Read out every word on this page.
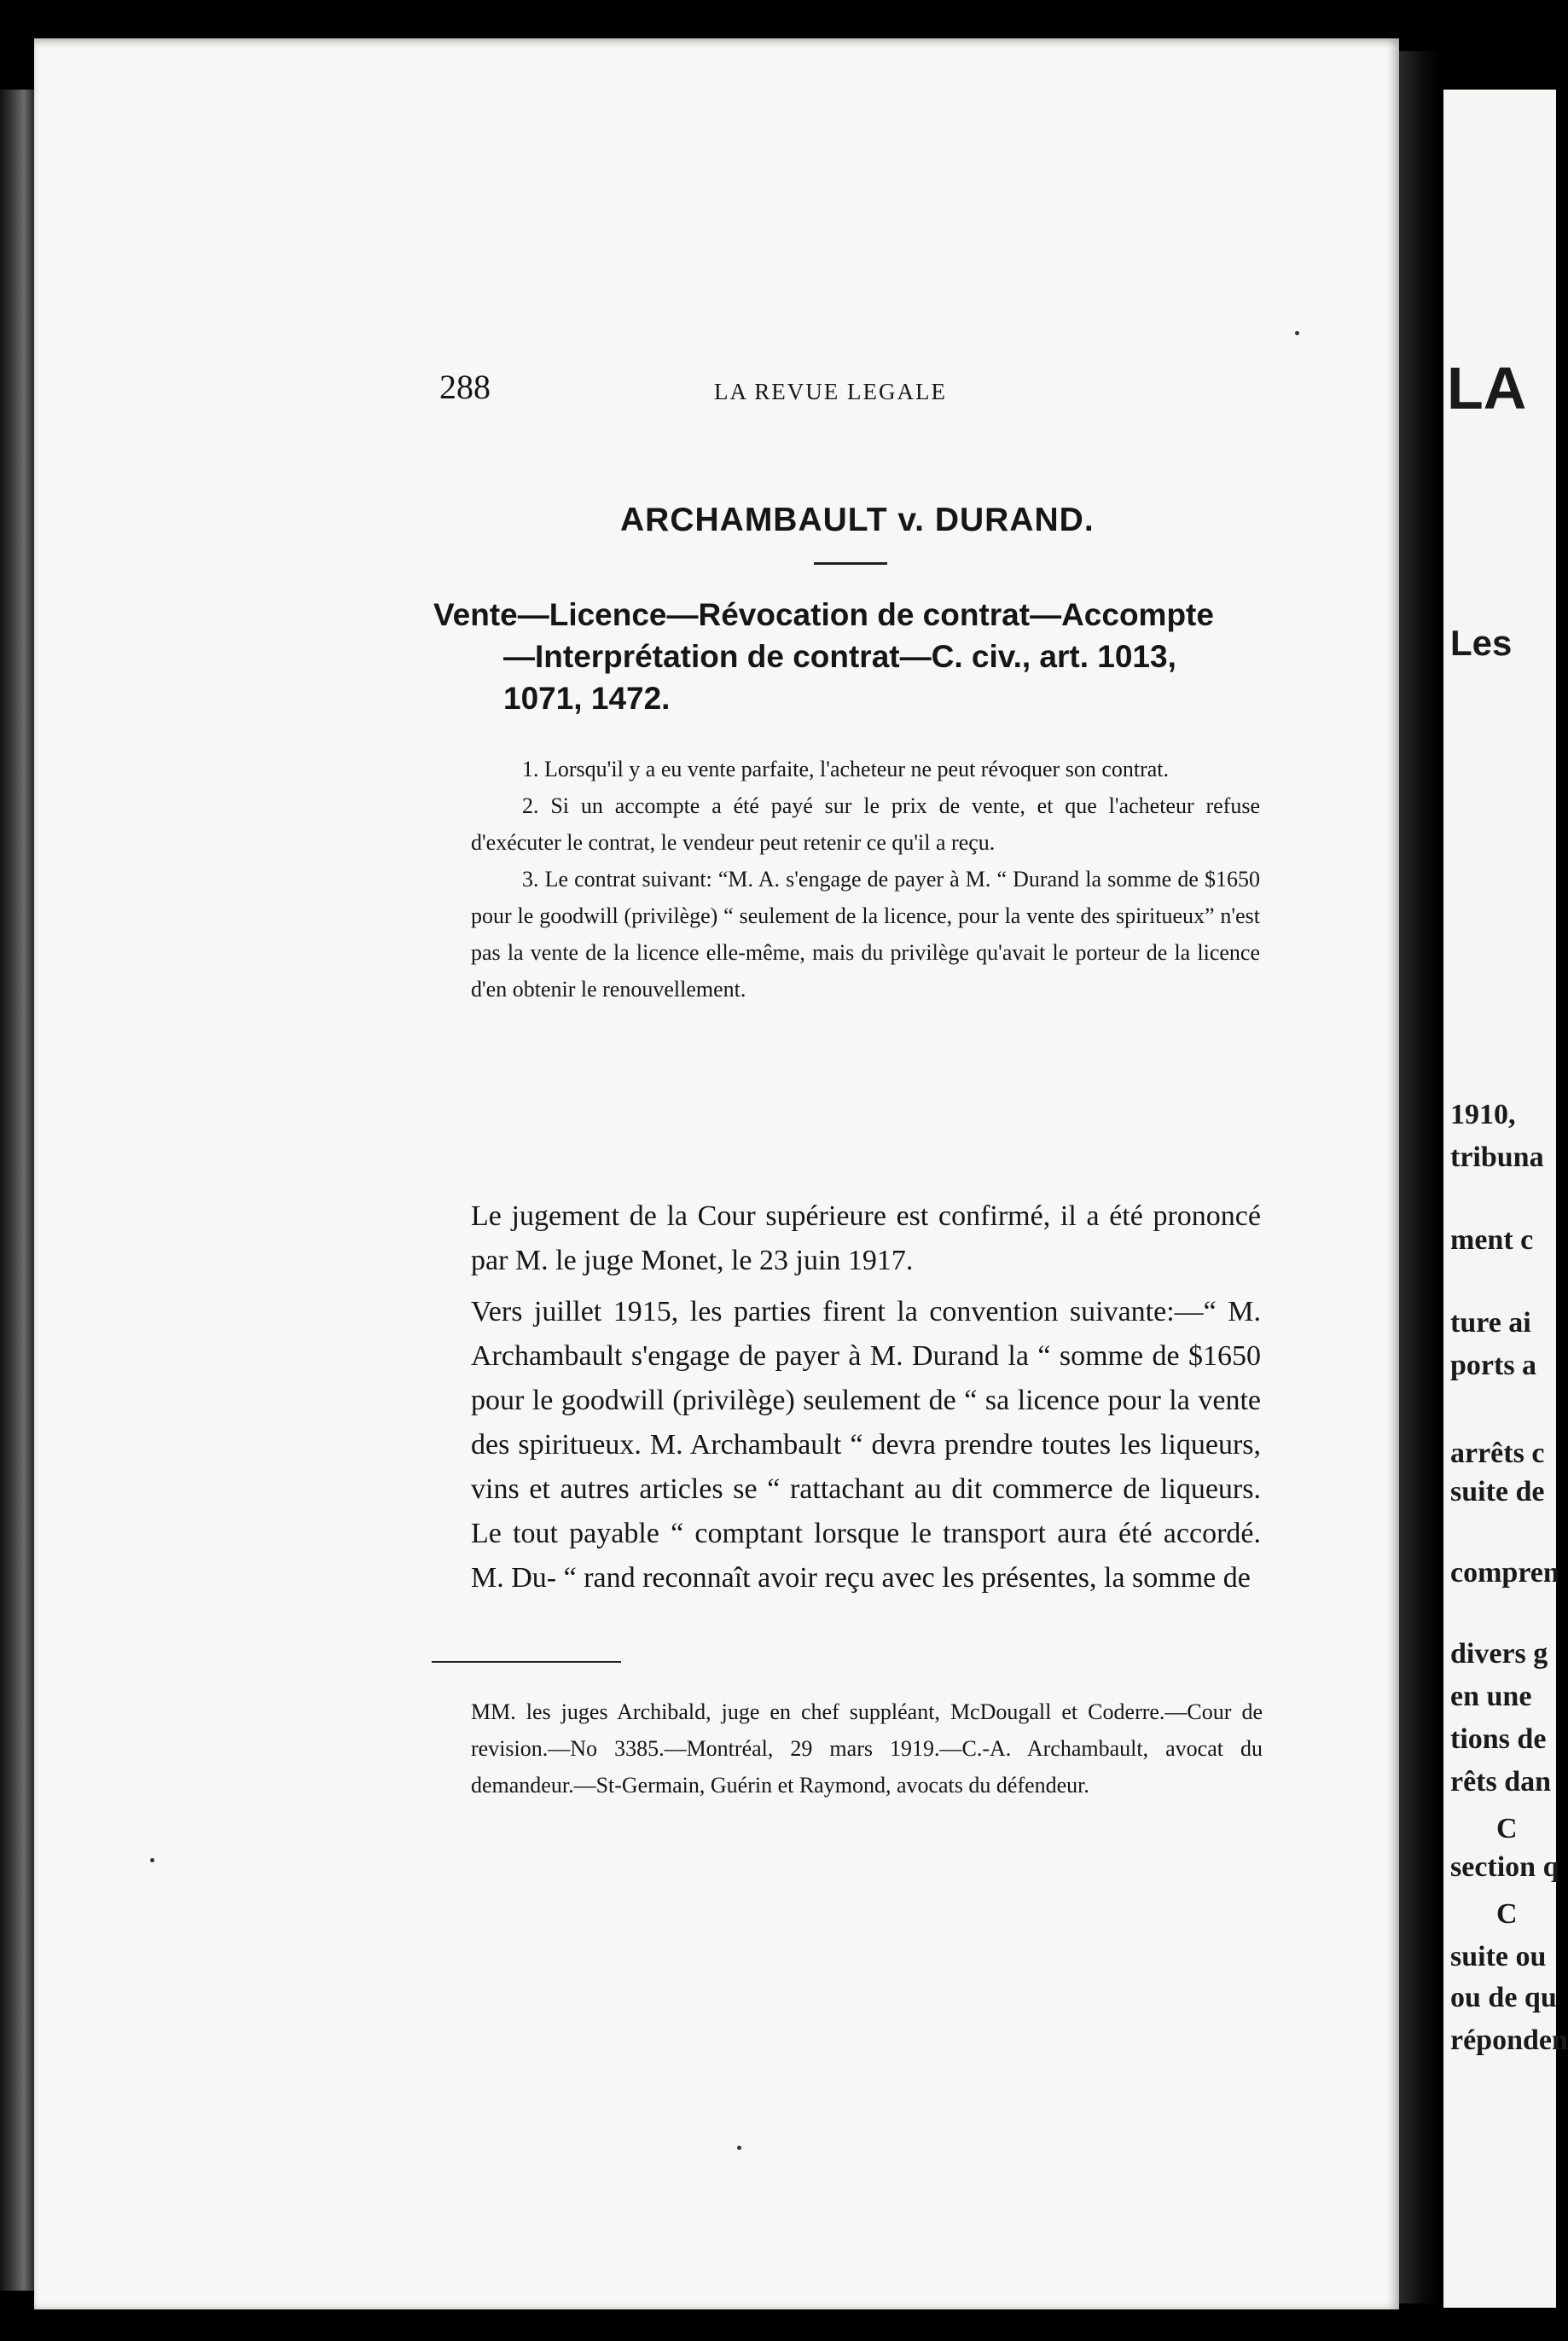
LA
Les
1910,
tribuna
ment c
ture ai
ports a
arrêts c
suite de
compren
divers g
en une
tions de
rêts dan
C
section q
C
suite ou
ou de qu
réponden
288	LA REVUE LEGALE
ARCHAMBAULT v. DURAND.
Vente—Licence—Révocation de contrat—Accompte
—Interprétation de contrat—C. civ., art. 1013,
1071, 1472.

1. Lorsqu'il y a eu vente parfaite, l'acheteur ne peut révoquer son contrat.

2. Si un accompte a été payé sur le prix de vente, et que l'acheteur refuse d'exécuter le contrat, le vendeur peut retenir ce qu'il a reçu.

3. Le contrat suivant: “M. A. s'engage de payer à M. “ Durand la somme de $1650 pour le goodwill (privilège) “ seulement de la licence, pour la vente des spiritueux” n'est pas la vente de la licence elle-même, mais du privilège qu'avait le porteur de la licence d'en obtenir le renouvellement.

Le jugement de la Cour supérieure est confirmé, il a été prononcé par M. le juge Monet, le 23 juin 1917.

Vers juillet 1915, les parties firent la convention suivante:—“ M. Archambault s'engage de payer à M. Durand la “ somme de $1650 pour le goodwill (privilège) seulement de “ sa licence pour la vente des spiritueux. M. Archambault “ devra prendre toutes les liqueurs, vins et autres articles se “ rattachant au dit commerce de liqueurs. Le tout payable “ comptant lorsque le transport aura été accordé. M. Du- “ rand reconnaît avoir reçu avec les présentes, la somme de

MM. les juges Archibald, juge en chef suppléant, McDougall et Coderre.—Cour de revision.—No 3385.—Montréal, 29 mars 1919.—C.-A. Archambault, avocat du demandeur.—St-Germain, Guérin et Raymond, avocats du défendeur.
